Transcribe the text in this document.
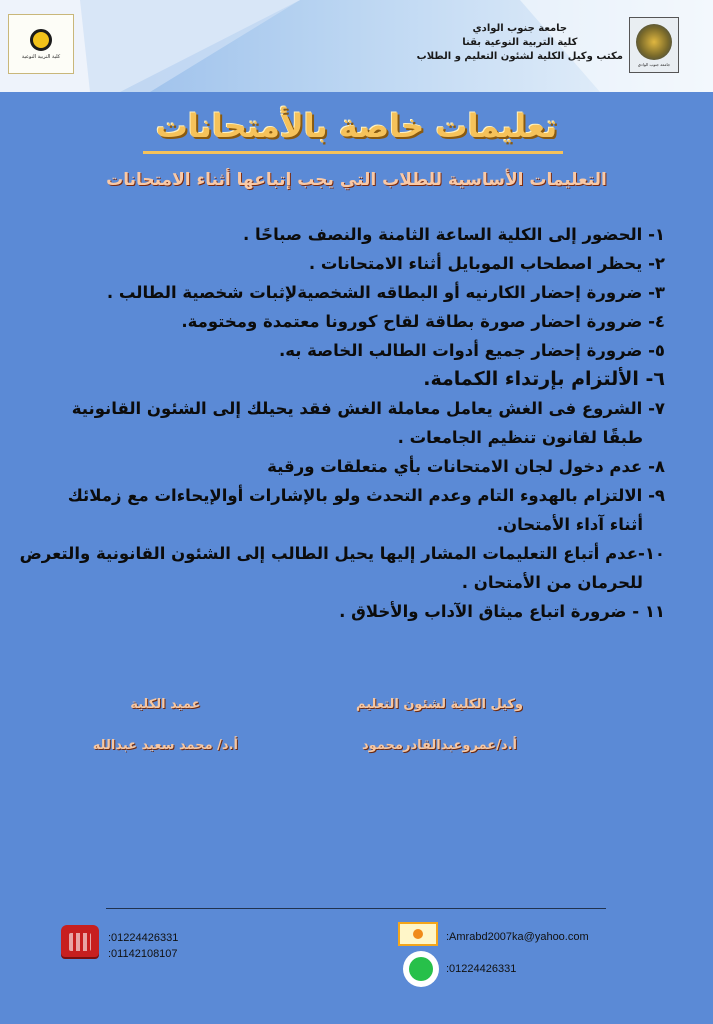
كلية التربية النوعية
جامعة جنوب الوادي
كلية التربية النوعية بقنا
مكتب وكيل الكلية لشئون التعليم و الطلاب
جامعة جنوب الوادي
تعليمات خاصة بالأمتحانات
التعليمات الأساسية للطلاب التي يجب إتباعها أثناء الامتحانات
١- الحضور إلى الكلية الساعة الثامنة والنصف صباحًا .
٢- يحظر اصطحاب الموبايل أثناء الامتحانات .
٣- ضرورة إحضار الكارنيه أو البطاقه الشخصيةلإثبات شخصية الطالب .
٤- ضرورة احضار صورة بطاقة لقاح كورونا معتمدة ومختومة.
٥- ضرورة إحضار جميع أدوات الطالب الخاصة به.
٦- الألتزام بإرتداء الكمامة.
٧- الشروع فى الغش يعامل معاملة الغش فقد يحيلك إلى الشئون القانونية
طبقًا لقانون تنظيم الجامعات .
٨- عدم دخول لجان الامتحانات بأي متعلقات ورقية
٩- الالتزام بالهدوء التام وعدم التحدث ولو بالإشارات أوالإيحاءات مع زملائك
أثناء آداء الأمتحان.
١٠-عدم أتباع التعليمات المشار إليها يحيل الطالب إلى الشئون القانونية والتعرض
للحرمان من الأمتحان .
١١ - ضرورة اتباع ميثاق الآداب والأخلاق .
وكيل الكلية لشئون التعليم
أ.د/عمروعبدالقادرمحمود
عميد الكلية
أ.د/ محمد سعيد عبدالله
:01224426331
:01142108107
:Amrabd2007ka@yahoo.com
:01224426331
